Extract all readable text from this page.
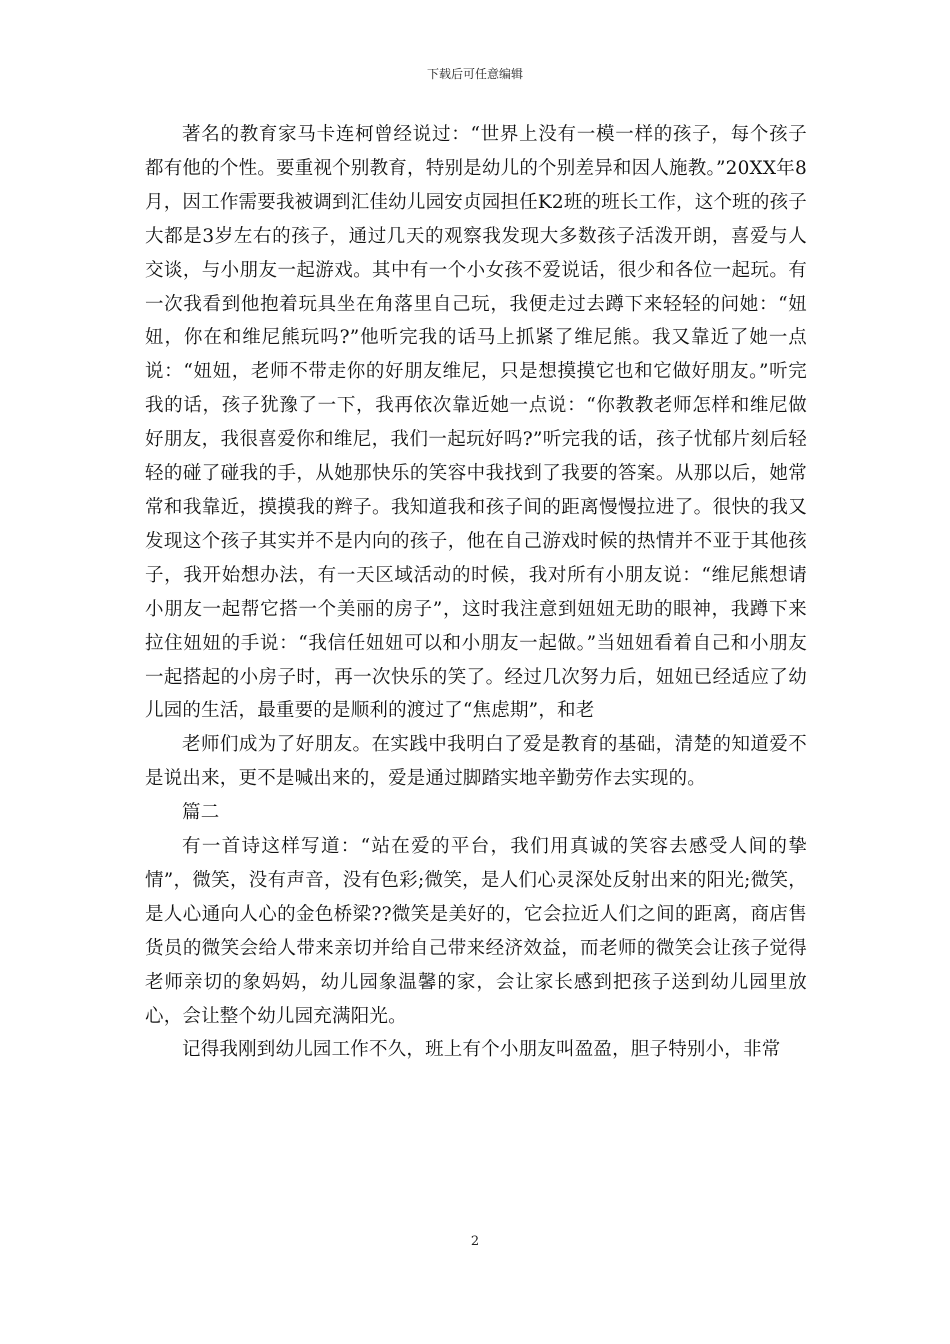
下载后可任意编辑

著名的教育家马卡连柯曾经说过：“世界上没有一模一样的孩子，每个孩子都有他的个性。要重视个别教育，特别是幼儿的个别差异和因人施教。”20XX年8月，因工作需要我被调到汇佳幼儿园安贞园担任K2班的班长工作，这个班的孩子大都是3岁左右的孩子，通过几天的观察我发现大多数孩子活泼开朗，喜爱与人交谈，与小朋友一起游戏。其中有一个小女孩不爱说话，很少和各位一起玩。有一次我看到他抱着玩具坐在角落里自己玩，我便走过去蹲下来轻轻的问她：“妞妞，你在和维尼熊玩吗?”他听完我的话马上抓紧了维尼熊。我又靠近了她一点说：“妞妞，老师不带走你的好朋友维尼，只是想摸摸它也和它做好朋友。”听完我的话，孩子犹豫了一下，我再依次靠近她一点说：“你教教老师怎样和维尼做好朋友，我很喜爱你和维尼，我们一起玩好吗?”听完我的话，孩子忧郁片刻后轻轻的碰了碰我的手，从她那快乐的笑容中我找到了我要的答案。从那以后，她常常和我靠近，摸摸我的辫子。我知道我和孩子间的距离慢慢拉进了。很快的我又发现这个孩子其实并不是内向的孩子，他在自己游戏时候的热情并不亚于其他孩子，我开始想办法，有一天区域活动的时候，我对所有小朋友说：“维尼熊想请小朋友一起帮它搭一个美丽的房子”，这时我注意到妞妞无助的眼神，我蹲下来拉住妞妞的手说：“我信任妞妞可以和小朋友一起做。”当妞妞看着自己和小朋友一起搭起的小房子时，再一次快乐的笑了。经过几次努力后，妞妞已经适应了幼儿园的生活，最重要的是顺利的渡过了“焦虑期”，和老

老师们成为了好朋友。在实践中我明白了爱是教育的基础，清楚的知道爱不是说出来，更不是喊出来的，爱是通过脚踏实地辛勤劳作去实现的。

篇二

有一首诗这样写道：“站在爱的平台，我们用真诚的笑容去感受人间的挚情”，微笑，没有声音，没有色彩;微笑，是人们心灵深处反射出来的阳光;微笑，是人心通向人心的金色桥梁??微笑是美好的，它会拉近人们之间的距离，商店售货员的微笑会给人带来亲切并给自己带来经济效益，而老师的微笑会让孩子觉得老师亲切的象妈妈，幼儿园象温馨的家，会让家长感到把孩子送到幼儿园里放心，会让整个幼儿园充满阳光。

记得我刚到幼儿园工作不久，班上有个小朋友叫盈盈，胆子特别小，非常

2
